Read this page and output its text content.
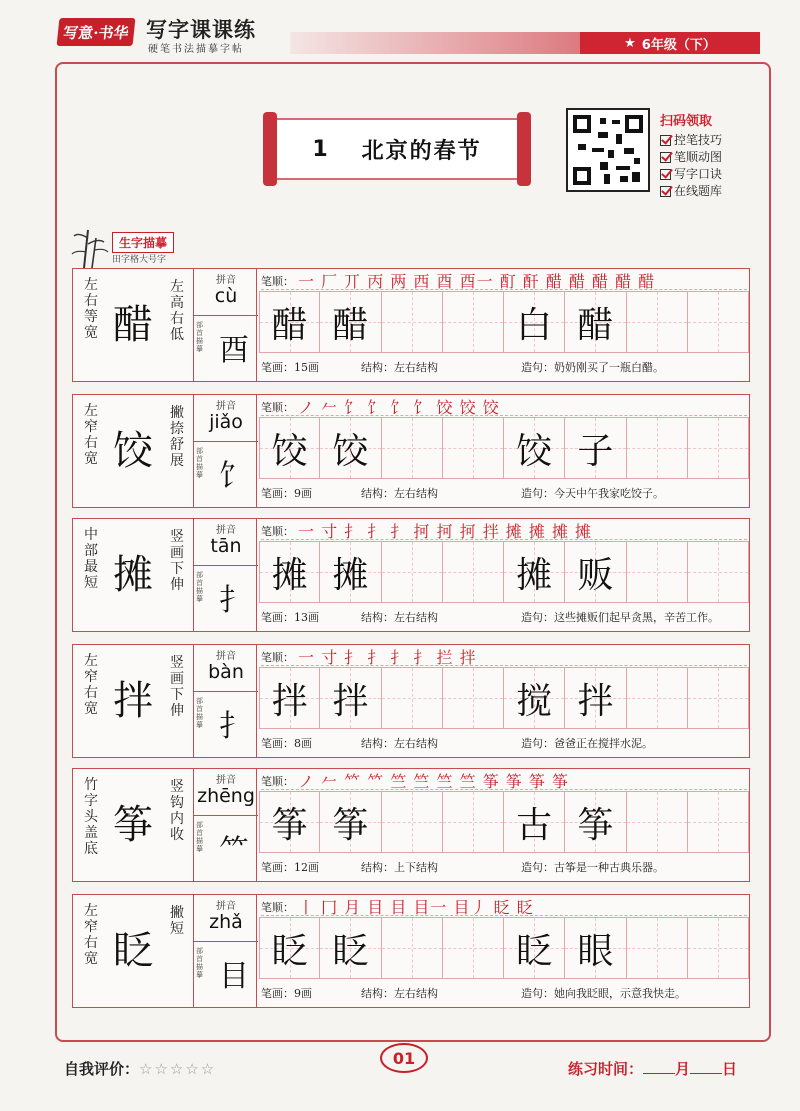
写意·书华 写字课课练
硬笔书法描摹字帖	★ 6年级（下）
1 北京的春节
扫码领取
控笔技巧
笔顺动图
写字口诀
在线题库
生字描摹
田字格大号字
左右等宽 醋
左高右低
拼音
cù
部首描摹 酉
笔顺： 一 厂 丌 丙 两 西 酉 酉一 酊 酐 醋 醋 醋 醋 醋
醋 醋	白 醋
笔画：15画	结构：左右结构	造句：奶奶刚买了一瓶白醋。
左窄右宽 饺
撇捺舒展
拼音
jiǎo
部首描摹 饣
笔顺： ノ 𠂉 饣 饣 饣 饣 饺 饺 饺
饺 饺	饺 子
笔画：9画	结构：左右结构	造句：今天中午我家吃饺子。
中部最短 摊
竖画下伸
拼音
tān
部首描摹 扌
笔顺： 一 寸 扌 扌 扌 抲 抲 抲 拌 摊 摊 摊 摊
摊 摊	摊 贩
笔画：13画	结构：左右结构	造句：这些摊贩们起早贪黑，辛苦工作。
左窄右宽 拌
竖画下伸
拼音
bàn
部首描摹 扌
笔顺： 一 寸 扌 扌 扌 扌 拦 拌
拌 拌	搅 拌
笔画：8画	结构：左右结构	造句：爸爸正在搅拌水泥。
竹字头盖底
筝
竖钩内收
拼音
zhēng
部首描摹 ⺮
笔顺： ノ 𠂉 𥫗 𥫗 竺 竺 竺 竺 筝 筝 筝 筝
筝 筝	古 筝
笔画：12画	结构：上下结构	造句：古筝是一种古典乐器。
左窄右宽 眨
撇短
拼音
zhǎ
部首描摹 目
笔顺： 丨 冂 月 目 目 目一 目丿 眨 眨
眨 眨	眨 眼
笔画：9画	结构：左右结构	造句：她向我眨眼，示意我快走。
自我评价：☆☆☆☆☆
01
练习时间： 月 日
